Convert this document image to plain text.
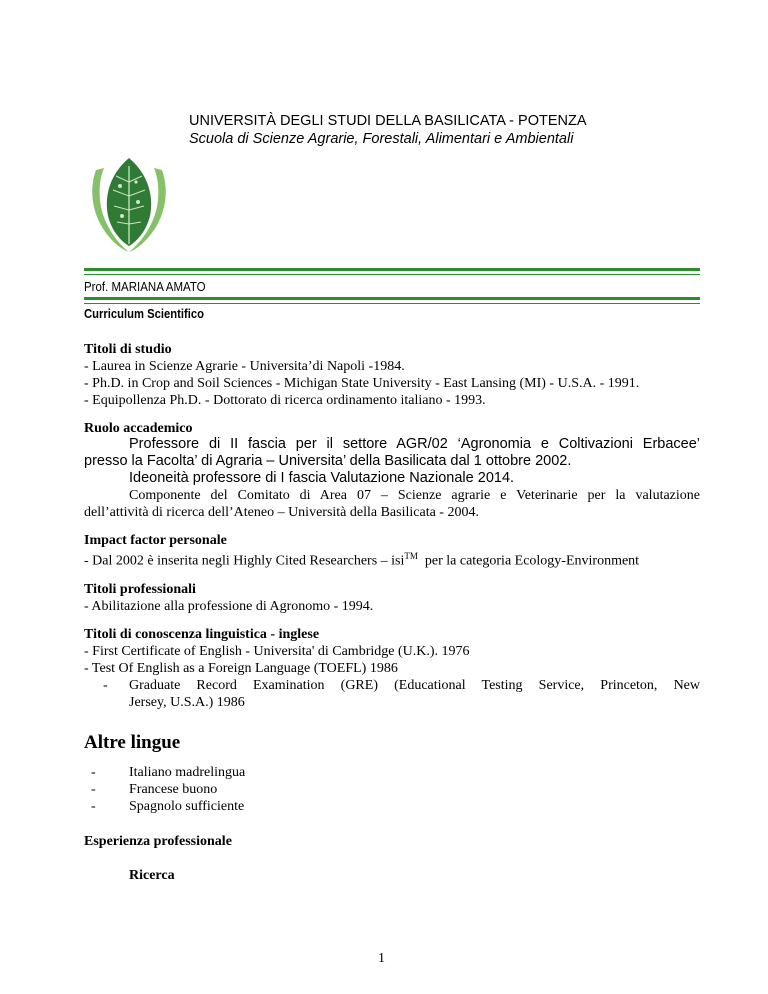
UNIVERSITÀ DEGLI STUDI DELLA BASILICATA - POTENZA
Scuola di Scienze Agrarie, Forestali, Alimentari e Ambientali
Prof. MARIANA AMATO
Curriculum Scientifico
Titoli di studio
- Laurea in Scienze Agrarie - Universita’di Napoli -1984.
- Ph.D. in Crop and Soil Sciences - Michigan State University - East Lansing (MI) - U.S.A. - 1991.
- Equipollenza Ph.D. - Dottorato di ricerca ordinamento italiano - 1993.
Ruolo accademico
Professore di II fascia per il settore AGR/02 ‘Agronomia e Coltivazioni Erbacee’
presso la Facolta’ di Agraria – Universita’ della Basilicata dal 1 ottobre 2002.
Ideoneità professore di I fascia Valutazione Nazionale 2014.
Componente del Comitato di Area 07 – Scienze agrarie e Veterinarie per la valutazione
dell’attività di ricerca dell’Ateneo – Università della Basilicata - 2004.
Impact factor personale
- Dal 2002 è inserita negli Highly Cited Researchers – isi™ per la categoria Ecology-Environment
Titoli professionali
- Abilitazione alla professione di Agronomo - 1994.
Titoli di conoscenza linguistica - inglese
- First Certificate of English - Universita' di Cambridge (U.K.). 1976
- Test Of English as a Foreign Language (TOEFL) 1986
- Graduate Record Examination (GRE) (Educational Testing Service, Princeton, New
Jersey, U.S.A.) 1986
Altre lingue
- Italiano madrelingua
- Francese buono
- Spagnolo sufficiente
Esperienza professionale
Ricerca
1
